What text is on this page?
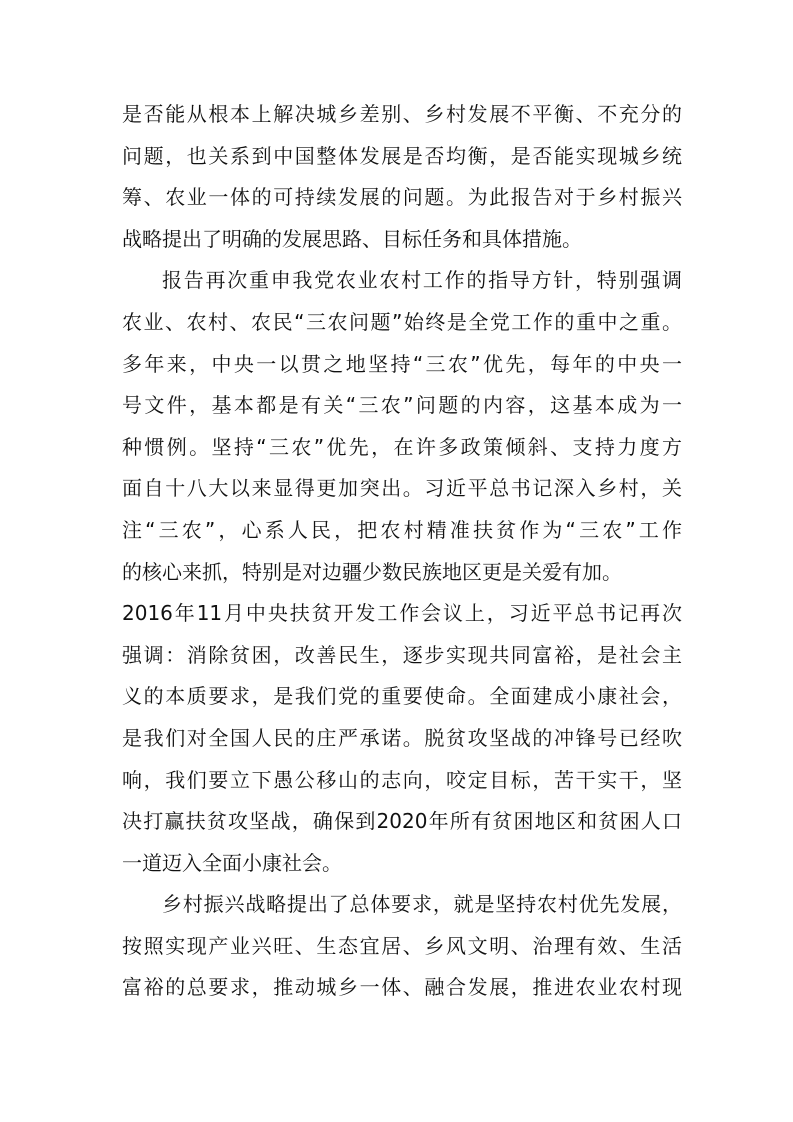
是否能从根本上解决城乡差别、乡村发展不平衡、不充分的
问题，也关系到中国整体发展是否均衡，是否能实现城乡统
筹、农业一体的可持续发展的问题。为此报告对于乡村振兴
战略提出了明确的发展思路、目标任务和具体措施。
报告再次重申我党农业农村工作的指导方针，特别强调
农业、农村、农民“三农问题”始终是全党工作的重中之重。
多年来，中央一以贯之地坚持“三农”优先，每年的中央一
号文件，基本都是有关“三农”问题的内容，这基本成为一
种惯例。坚持“三农”优先，在许多政策倾斜、支持力度方
面自十八大以来显得更加突出。习近平总书记深入乡村，关
注“三农”，心系人民，把农村精准扶贫作为“三农”工作
的核心来抓，特别是对边疆少数民族地区更是关爱有加。
2016年11月中央扶贫开发工作会议上，习近平总书记再次
强调：消除贫困，改善民生，逐步实现共同富裕，是社会主
义的本质要求，是我们党的重要使命。全面建成小康社会，
是我们对全国人民的庄严承诺。脱贫攻坚战的冲锋号已经吹
响，我们要立下愚公移山的志向，咬定目标，苦干实干，坚
决打赢扶贫攻坚战，确保到2020年所有贫困地区和贫困人口
一道迈入全面小康社会。
乡村振兴战略提出了总体要求，就是坚持农村优先发展，
按照实现产业兴旺、生态宜居、乡风文明、治理有效、生活
富裕的总要求，推动城乡一体、融合发展，推进农业农村现
